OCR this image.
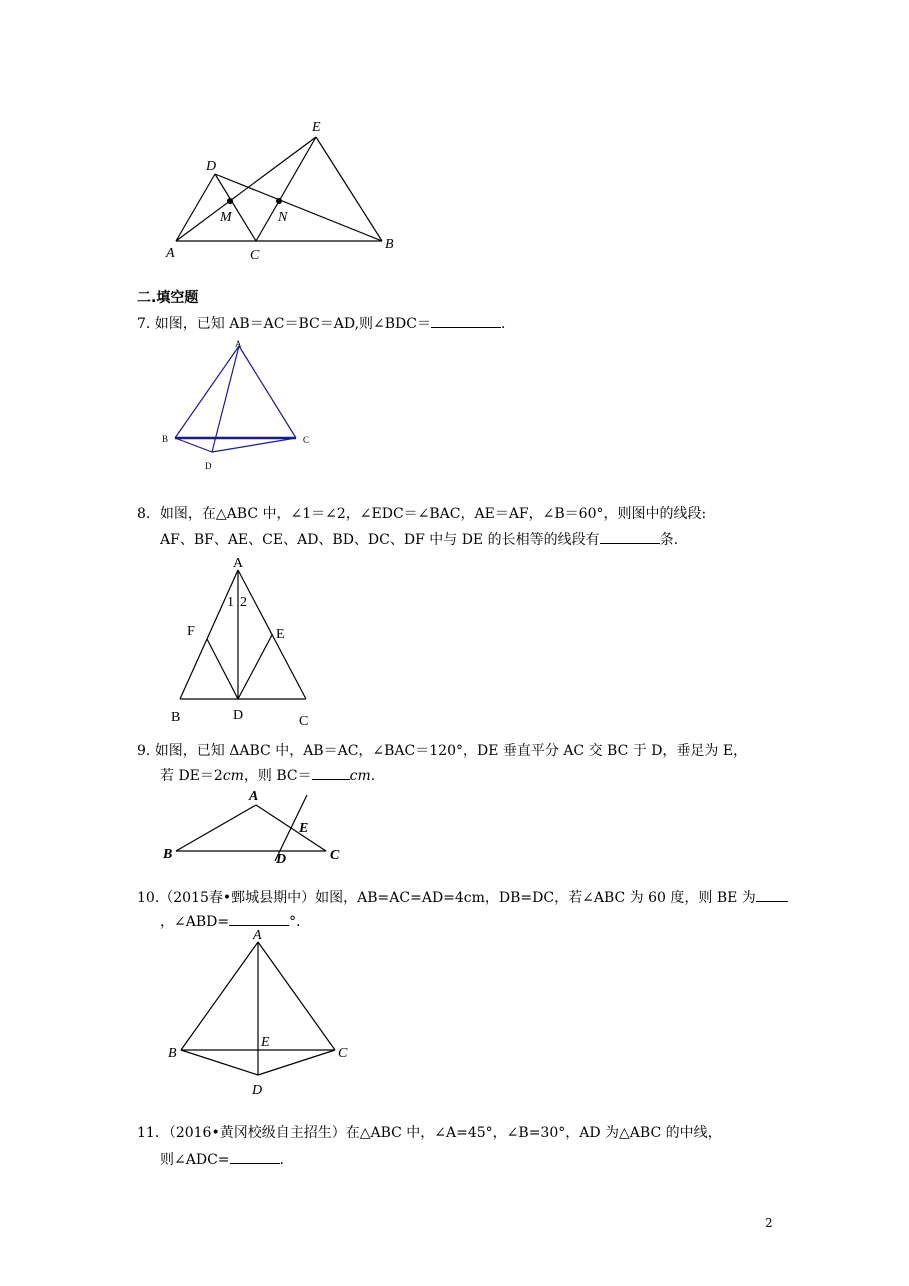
E
D
M	N
A	C
B
二.填空题
7. 如图，已知 AB＝AC＝BC＝AD,则∠BDC＝	.
A
B	C
D
8．如图，在△ABC 中，∠1＝∠2，∠EDC＝∠BAC，AE＝AF，∠B＝60°，则图中的线段:
AF、BF、AE、CE、AD、BD、DC、DF 中与 DE 的长相等的线段有	条.
A
1 2
F	E
B	D	C
9. 如图，已知 ΔABC 中，AB＝AC，∠BAC＝120°，DE 垂直平分 AC 交 BC 于 D，垂足为 E，
若 DE＝2cm，则 BC＝	cm.
A
E
B	D	C
10.（2015春•鄄城县期中）如图，AB=AC=AD=4cm，DB=DC，若∠ABC 为 60 度，则 BE 为
，∠ABD=	°．
A
E
B	C
D
11．（2016•黄冈校级自主招生）在△ABC 中，∠A=45°，∠B=30°，AD 为△ABC 的中线，
则∠ADC=	.
2
